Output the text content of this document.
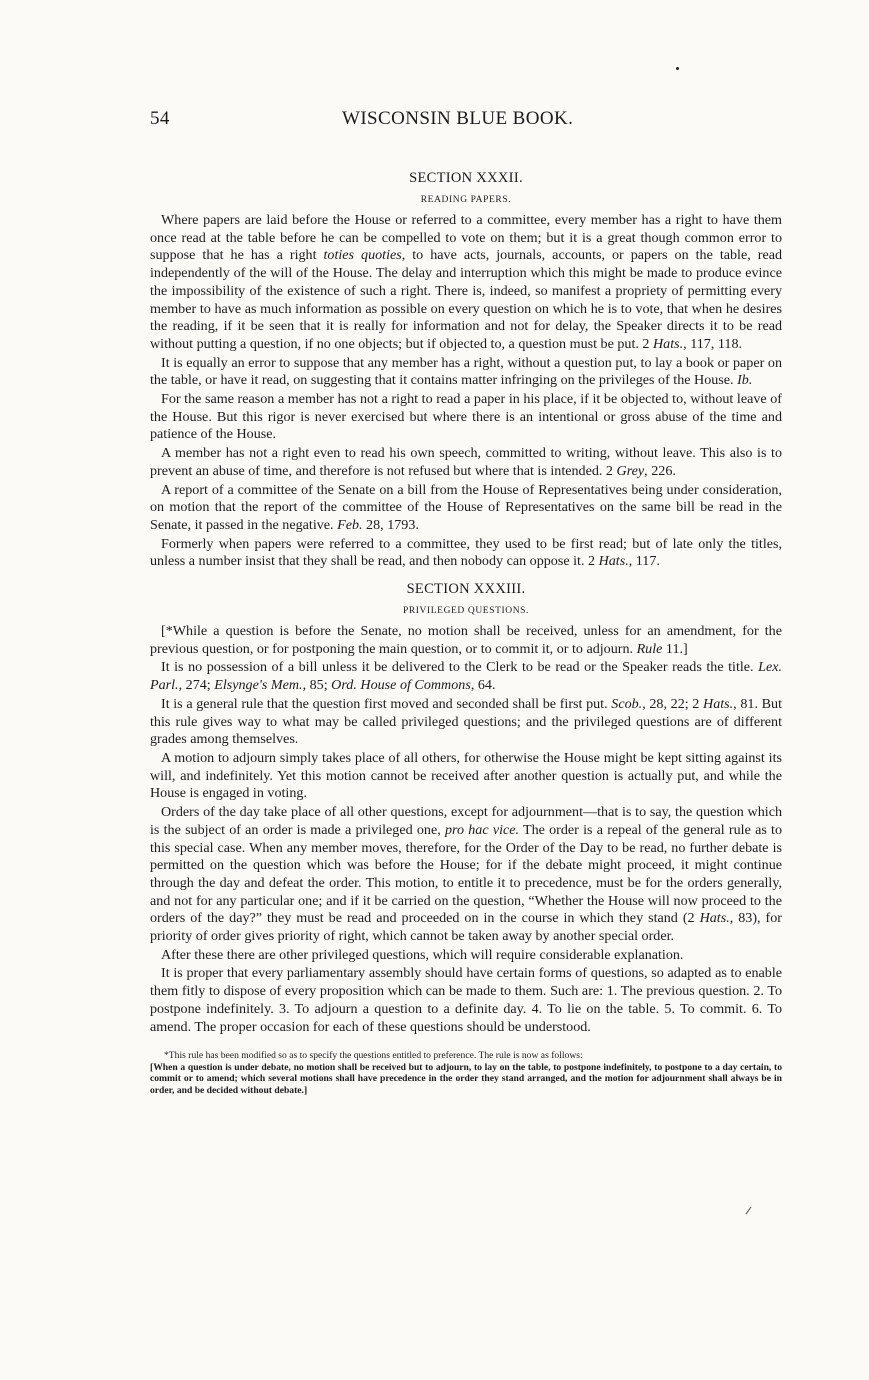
54	WISCONSIN BLUE BOOK.
SECTION XXXII.
READING PAPERS.

Where papers are laid before the House or referred to a committee, every member has a right to have them once read at the table before he can be compelled to vote on them; but it is a great though common error to suppose that he has a right toties quoties, to have acts, journals, accounts, or papers on the table, read independently of the will of the House. The delay and interruption which this might be made to produce evince the impossibility of the existence of such a right. There is, indeed, so manifest a propriety of permitting every member to have as much information as possible on every question on which he is to vote, that when he desires the reading, if it be seen that it is really for information and not for delay, the Speaker directs it to be read without putting a question, if no one objects; but if objected to, a question must be put. 2 Hats., 117, 118.

It is equally an error to suppose that any member has a right, without a question put, to lay a book or paper on the table, or have it read, on suggesting that it contains matter infringing on the privileges of the House. Ib.

For the same reason a member has not a right to read a paper in his place, if it be objected to, without leave of the House. But this rigor is never exercised but where there is an intentional or gross abuse of the time and patience of the House.

A member has not a right even to read his own speech, committed to writing, without leave. This also is to prevent an abuse of time, and therefore is not refused but where that is intended. 2 Grey, 226.

A report of a committee of the Senate on a bill from the House of Representatives being under consideration, on motion that the report of the committee of the House of Representatives on the same bill be read in the Senate, it passed in the negative. Feb. 28, 1793.

Formerly when papers were referred to a committee, they used to be first read; but of late only the titles, unless a number insist that they shall be read, and then nobody can oppose it. 2 Hats., 117.

SECTION XXXIII.
PRIVILEGED QUESTIONS.

[*While a question is before the Senate, no motion shall be received, unless for an amendment, for the previous question, or for postponing the main question, or to commit it, or to adjourn. Rule 11.]

It is no possession of a bill unless it be delivered to the Clerk to be read or the Speaker reads the title. Lex. Parl., 274; Elsynge's Mem., 85; Ord. House of Commons, 64.

It is a general rule that the question first moved and seconded shall be first put. Scob., 28, 22; 2 Hats., 81. But this rule gives way to what may be called privileged questions; and the privileged questions are of different grades among themselves.

A motion to adjourn simply takes place of all others, for otherwise the House might be kept sitting against its will, and indefinitely. Yet this motion cannot be received after another question is actually put, and while the House is engaged in voting.

Orders of the day take place of all other questions, except for adjournment—that is to say, the question which is the subject of an order is made a privileged one, pro hac vice. The order is a repeal of the general rule as to this special case. When any member moves, therefore, for the Order of the Day to be read, no further debate is permitted on the question which was before the House; for if the debate might proceed, it might continue through the day and defeat the order. This motion, to entitle it to precedence, must be for the orders generally, and not for any particular one; and if it be carried on the question, “Whether the House will now proceed to the orders of the day?” they must be read and proceeded on in the course in which they stand (2 Hats., 83), for priority of order gives priority of right, which cannot be taken away by another special order.

After these there are other privileged questions, which will require considerable explanation.

It is proper that every parliamentary assembly should have certain forms of questions, so adapted as to enable them fitly to dispose of every proposition which can be made to them. Such are: 1. The previous question. 2. To postpone indefinitely. 3. To adjourn a question to a definite day. 4. To lie on the table. 5. To commit. 6. To amend. The proper occasion for each of these questions should be understood.

*This rule has been modified so as to specify the questions entitled to preference. The rule is now as follows:

[When a question is under debate, no motion shall be received but to adjourn, to lay on the table, to postpone indefinitely, to postpone to a day certain, to commit or to amend; which several motions shall have precedence in the order they stand arranged, and the motion for adjournment shall always be in order, and be decided without debate.]
